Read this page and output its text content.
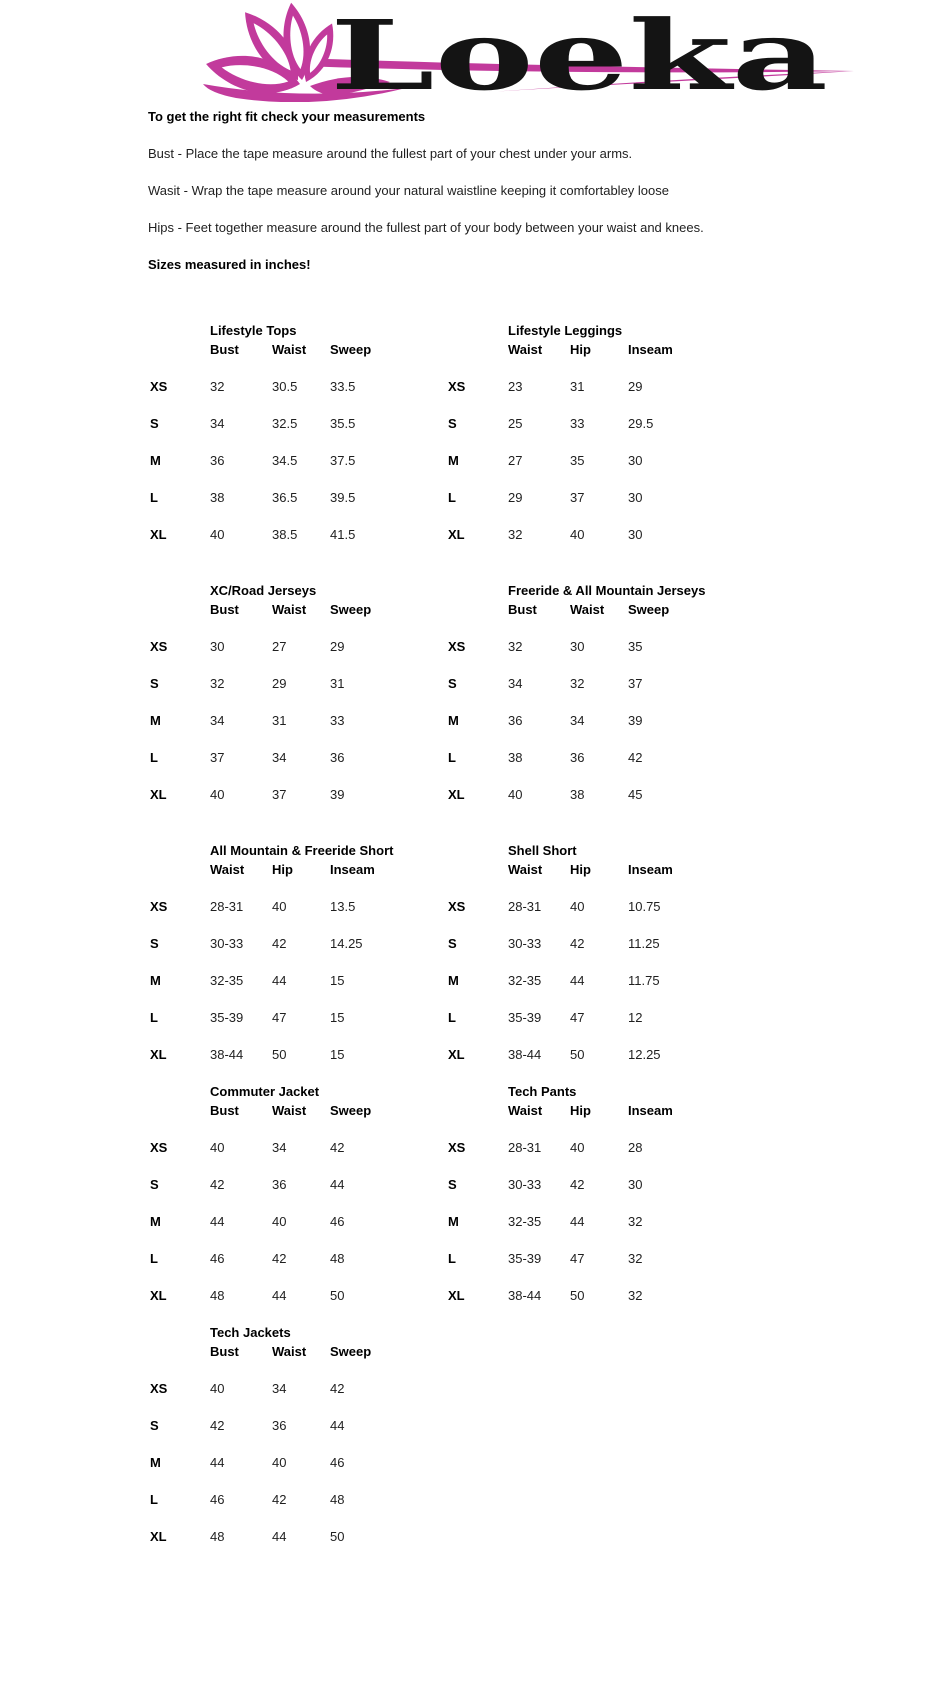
Loeka

To get the right fit check your measurements

Bust - Place the tape measure around the fullest part of your chest under your arms.

Wasit - Wrap the tape measure around your natural waistline keeping it comfortabley loose

Hips - Feet together measure around the fullest part of your body between your waist and knees.

Sizes measured in inches!

Lifestyle Tops
Bust	Waist	Sweep
XS	32	30.5	33.5
S	34	32.5	35.5
M	36	34.5	37.5
L	38	36.5	39.5
XL	40	38.5	41.5
Lifestyle Leggings
Waist	Hip	Inseam
XS	23	31	29
S	25	33	29.5
M	27	35	30
L	29	37	30
XL	32	40	30
XC/Road Jerseys
Bust	Waist	Sweep
XS	30	27	29
S	32	29	31
M	34	31	33
L	37	34	36
XL	40	37	39
Freeride & All Mountain Jerseys
Bust	Waist	Sweep
XS	32	30	35
S	34	32	37
M	36	34	39
L	38	36	42
XL	40	38	45
All Mountain & Freeride Short
Waist	Hip	Inseam
XS	28-31	40	13.5
S	30-33	42	14.25
M	32-35	44	15
L	35-39	47	15
XL	38-44	50	15
Shell Short
Waist	Hip	Inseam
XS	28-31	40	10.75
S	30-33	42	11.25
M	32-35	44	11.75
L	35-39	47	12
XL	38-44	50	12.25
Commuter Jacket
Bust	Waist	Sweep
XS	40	34	42
S	42	36	44
M	44	40	46
L	46	42	48
XL	48	44	50
Tech Pants
Waist	Hip	Inseam
XS	28-31	40	28
S	30-33	42	30
M	32-35	44	32
L	35-39	47	32
XL	38-44	50	32
Tech Jackets
Bust	Waist	Sweep
XS	40	34	42
S	42	36	44
M	44	40	46
L	46	42	48
XL	48	44	50
